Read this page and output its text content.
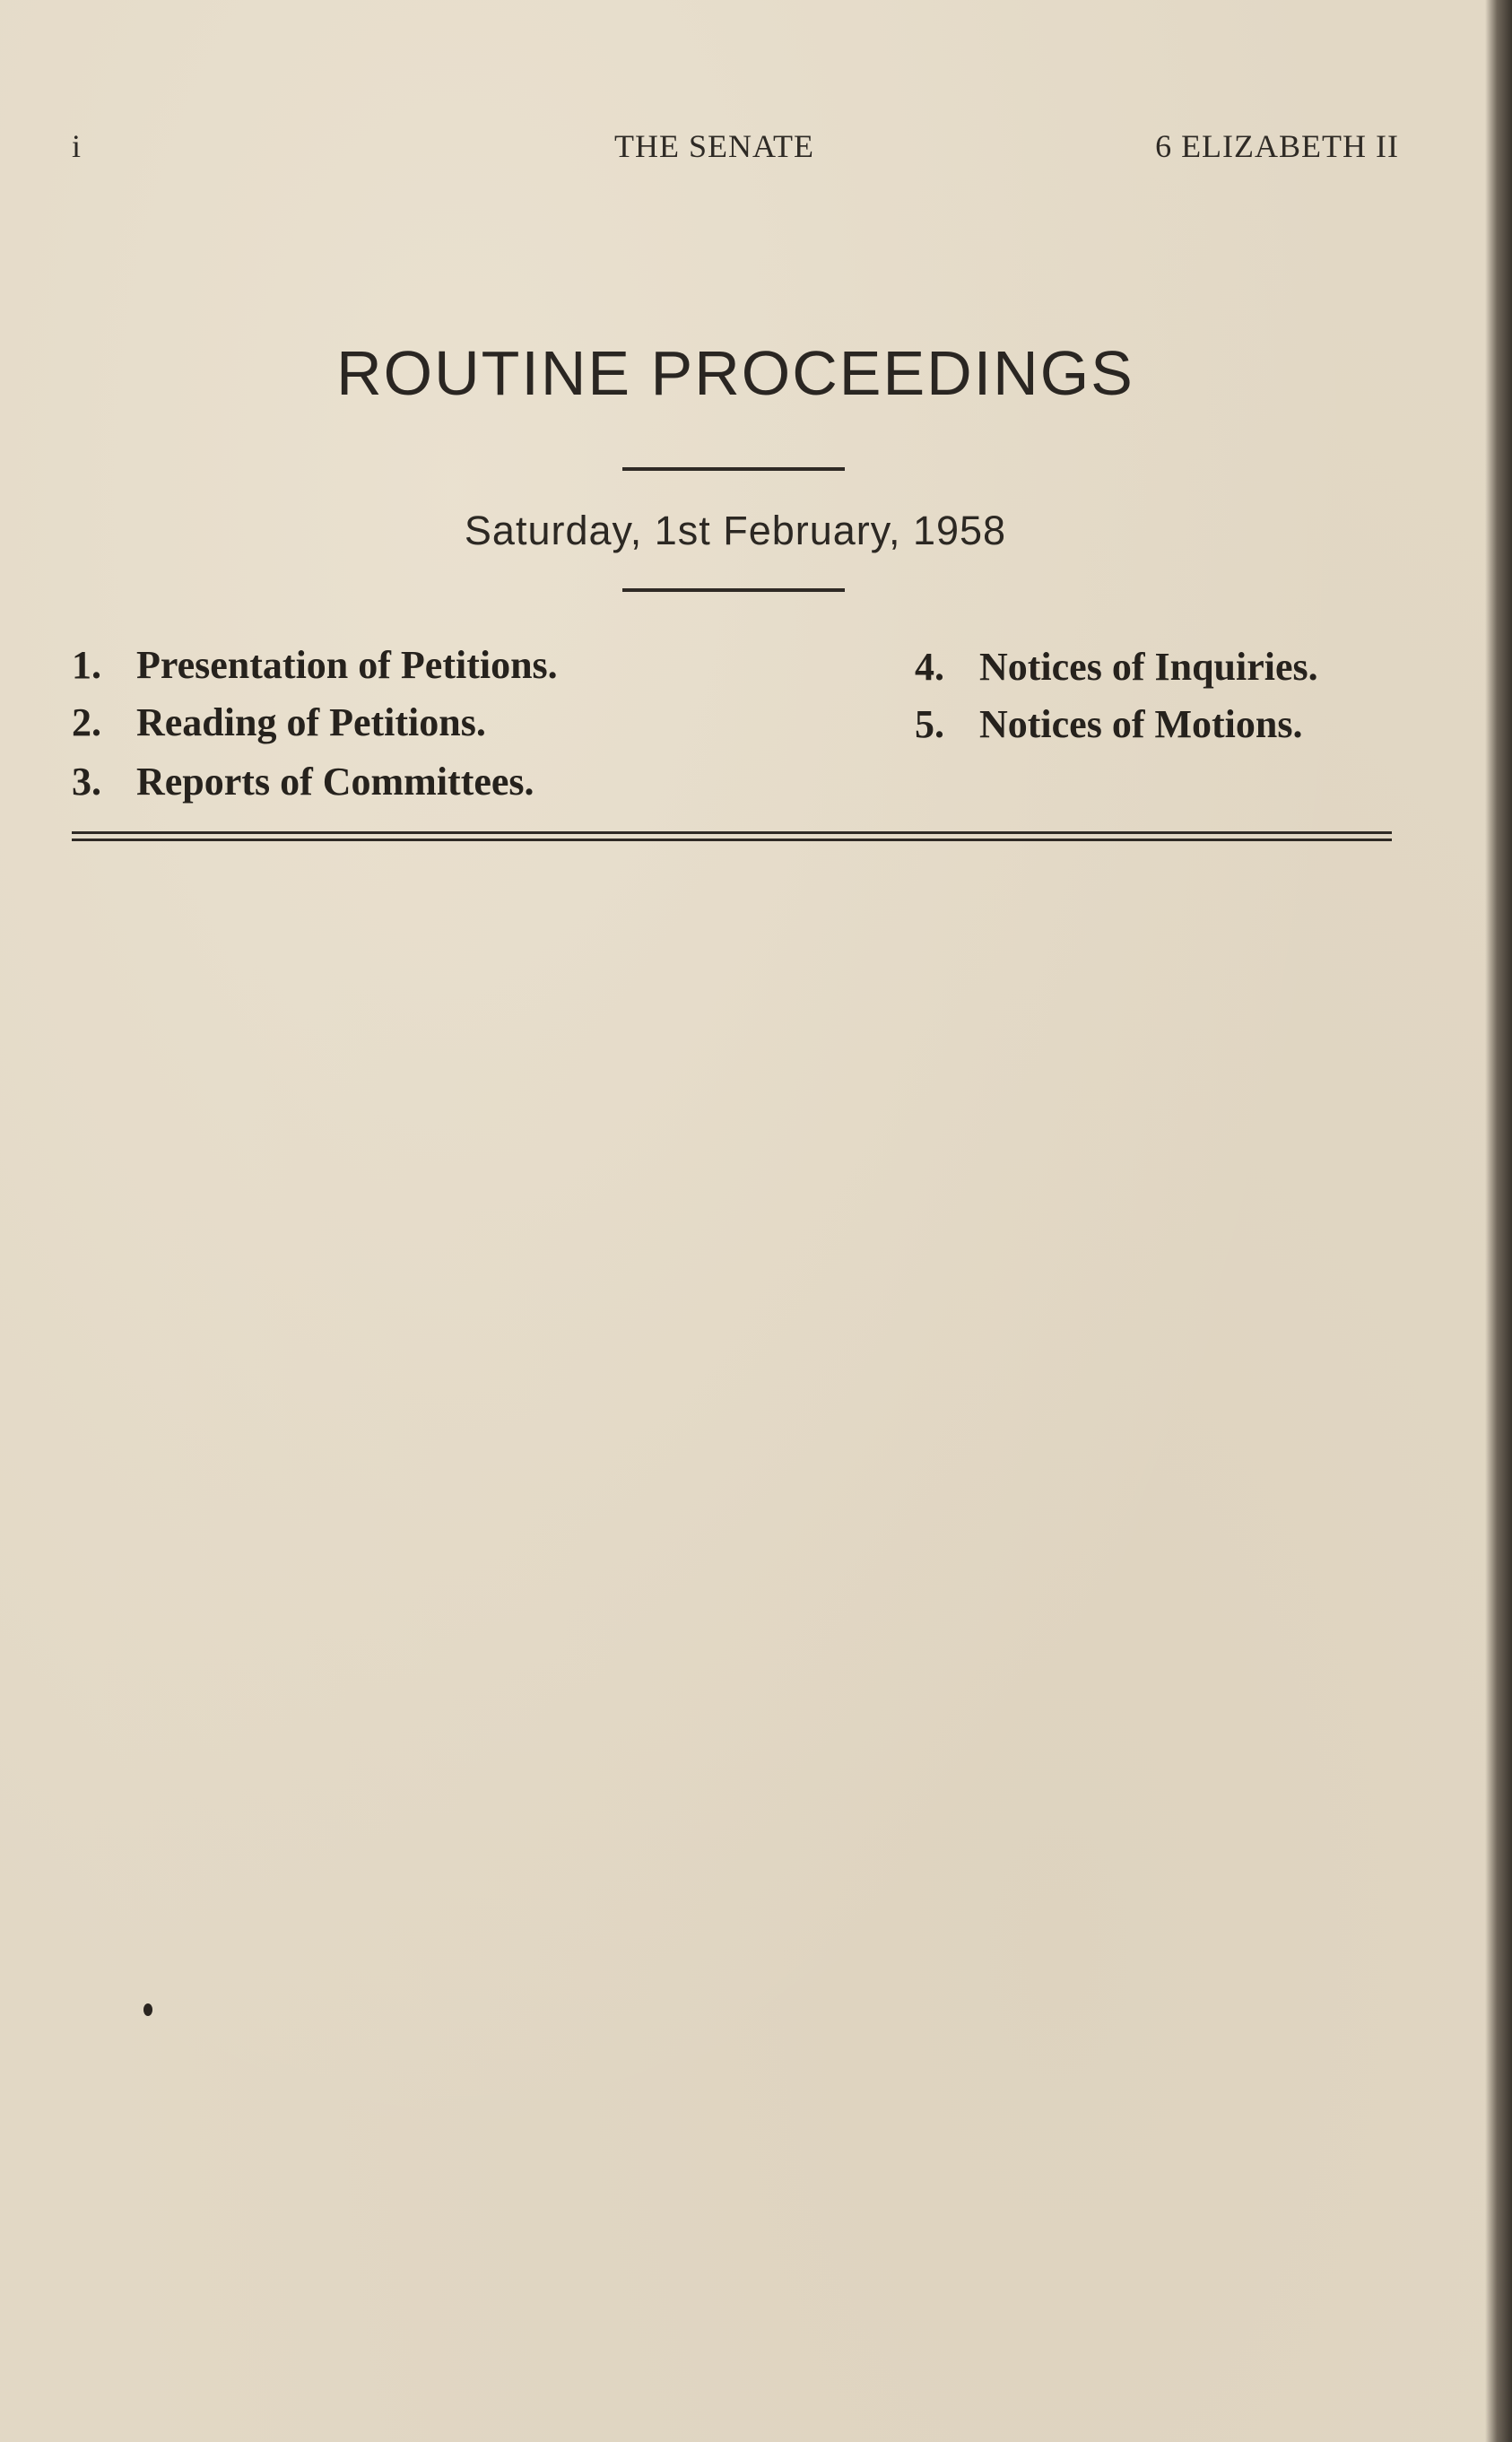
i	THE SENATE	6 ELIZABETH II
ROUTINE PROCEEDINGS
Saturday, 1st February, 1958
1. Presentation of Petitions.
2. Reading of Petitions.
3. Reports of Committees.
4. Notices of Inquiries.
5. Notices of Motions.
